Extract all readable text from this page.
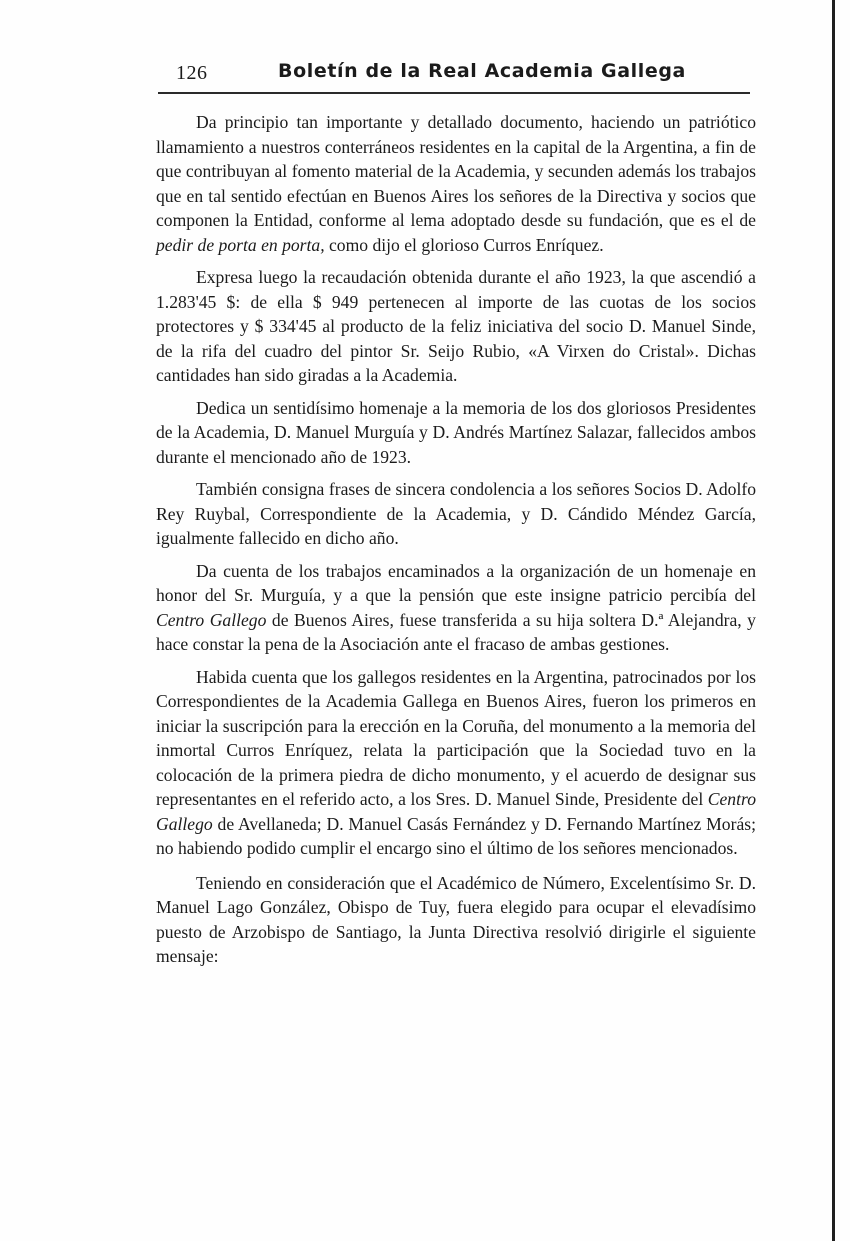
126	Boletín de la Real Academia Gallega

Da principio tan importante y detallado documento, haciendo un patriótico llamamiento a nuestros conterráneos residentes en la capital de la Argentina, a fin de que contribuyan al fomento material de la Academia, y secunden además los trabajos que en tal sentido efectúan en Buenos Aires los señores de la Directiva y socios que componen la Entidad, conforme al lema adoptado desde su fundación, que es el de pedir de porta en porta, como dijo el glorioso Curros Enríquez.

Expresa luego la recaudación obtenida durante el año 1923, la que ascendió a 1.283'45 $: de ella $ 949 pertenecen al importe de las cuotas de los socios protectores y $ 334'45 al producto de la feliz iniciativa del socio D. Manuel Sinde, de la rifa del cuadro del pintor Sr. Seijo Rubio, «A Virxen do Cristal». Dichas cantidades han sido giradas a la Academia.

Dedica un sentidísimo homenaje a la memoria de los dos gloriosos Presidentes de la Academia, D. Manuel Murguía y D. Andrés Martínez Salazar, fallecidos ambos durante el mencionado año de 1923.

También consigna frases de sincera condolencia a los señores Socios D. Adolfo Rey Ruybal, Correspondiente de la Academia, y D. Cándido Méndez García, igualmente fallecido en dicho año.

Da cuenta de los trabajos encaminados a la organización de un homenaje en honor del Sr. Murguía, y a que la pensión que este insigne patricio percibía del Centro Gallego de Buenos Aires, fuese transferida a su hija soltera D.ª Alejandra, y hace constar la pena de la Asociación ante el fracaso de ambas gestiones.

Habida cuenta que los gallegos residentes en la Argentina, patrocinados por los Correspondientes de la Academia Gallega en Buenos Aires, fueron los primeros en iniciar la suscripción para la erección en la Coruña, del monumento a la memoria del inmortal Curros Enríquez, relata la participación que la Sociedad tuvo en la colocación de la primera piedra de dicho monumento, y el acuerdo de designar sus representantes en el referido acto, a los Sres. D. Manuel Sinde, Presidente del Centro Gallego de Avellaneda; D. Manuel Casás Fernández y D. Fernando Martínez Morás; no habiendo podido cumplir el encargo sino el último de los señores mencionados.

Teniendo en consideración que el Académico de Número, Excelentísimo Sr. D. Manuel Lago González, Obispo de Tuy, fuera elegido para ocupar el elevadísimo puesto de Arzobispo de Santiago, la Junta Directiva resolvió dirigirle el siguiente mensaje:
